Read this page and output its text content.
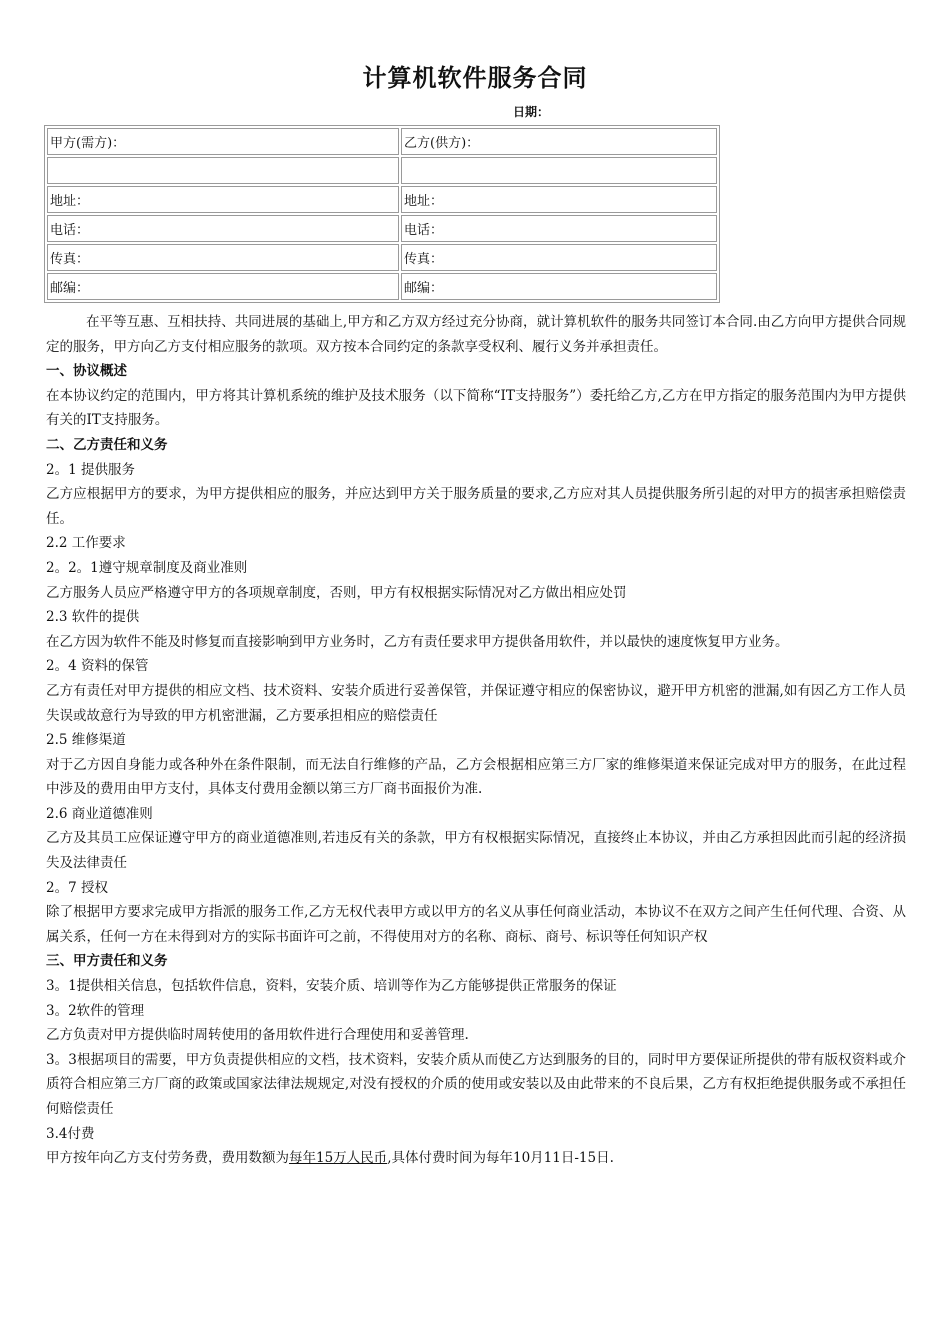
计算机软件服务合同
日期：
甲方(需方)：	乙方(供方)：

地址：	地址：
电话：	电话：
传真：	传真：
邮编：	邮编：

在平等互惠、互相扶持、共同进展的基础上,甲方和乙方双方经过充分协商，就计算机软件的服务共同签订本合同.由乙方向甲方提供合同规定的服务，甲方向乙方支付相应服务的款项。双方按本合同约定的条款享受权利、履行义务并承担责任。

一、协议概述

在本协议约定的范围内，甲方将其计算机系统的维护及技术服务（以下简称“IT支持服务”）委托给乙方,乙方在甲方指定的服务范围内为甲方提供有关的IT支持服务。

二、乙方责任和义务

2。1 提供服务

乙方应根据甲方的要求，为甲方提供相应的服务，并应达到甲方关于服务质量的要求,乙方应对其人员提供服务所引起的对甲方的损害承担赔偿责任。

2.2 工作要求

2。2。1遵守规章制度及商业准则

乙方服务人员应严格遵守甲方的各项规章制度，否则，甲方有权根据实际情况对乙方做出相应处罚

2.3 软件的提供

在乙方因为软件不能及时修复而直接影响到甲方业务时，乙方有责任要求甲方提供备用软件，并以最快的速度恢复甲方业务。

2。4 资料的保管

乙方有责任对甲方提供的相应文档、技术资料、安装介质进行妥善保管，并保证遵守相应的保密协议，避开甲方机密的泄漏,如有因乙方工作人员失误或故意行为导致的甲方机密泄漏，乙方要承担相应的赔偿责任

2.5 维修渠道

对于乙方因自身能力或各种外在条件限制，而无法自行维修的产品，乙方会根据相应第三方厂家的维修渠道来保证完成对甲方的服务，在此过程中涉及的费用由甲方支付，具体支付费用金额以第三方厂商书面报价为准.

2.6 商业道德准则

乙方及其员工应保证遵守甲方的商业道德准则,若违反有关的条款，甲方有权根据实际情况，直接终止本协议，并由乙方承担因此而引起的经济损失及法律责任

2。7 授权

除了根据甲方要求完成甲方指派的服务工作,乙方无权代表甲方或以甲方的名义从事任何商业活动，本协议不在双方之间产生任何代理、合资、从属关系，任何一方在未得到对方的实际书面许可之前，不得使用对方的名称、商标、商号、标识等任何知识产权

三、甲方责任和义务

3。1提供相关信息，包括软件信息，资料，安装介质、培训等作为乙方能够提供正常服务的保证

3。2软件的管理

乙方负责对甲方提供临时周转使用的备用软件进行合理使用和妥善管理.

3。3根据项目的需要，甲方负责提供相应的文档，技术资料，安装介质从而使乙方达到服务的目的，同时甲方要保证所提供的带有版权资料或介质符合相应第三方厂商的政策或国家法律法规规定,对没有授权的介质的使用或安装以及由此带来的不良后果，乙方有权拒绝提供服务或不承担任何赔偿责任

3.4付费

甲方按年向乙方支付劳务费，费用数额为每年15万人民币,具体付费时间为每年10月11日-15日.
